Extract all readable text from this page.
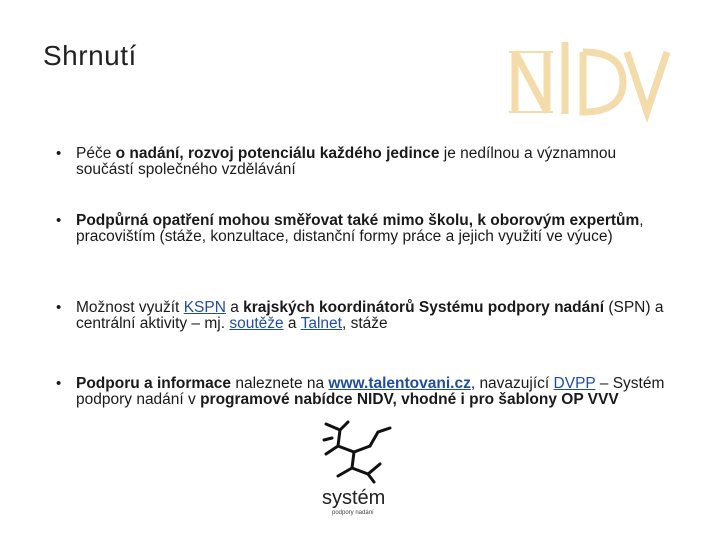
Shrnutí
• Péče o nadání, rozvoj potenciálu každého jedince je nedílnou a významnou součástí společného vzdělávání
• Podpůrná opatření mohou směřovat také mimo školu, k oborovým expertům, pracovištím (stáže, konzultace, distanční formy práce a jejich využití ve výuce)
• Možnost využít KSPN a krajských koordinátorů Systému podpory nadání (SPN) a centrální aktivity – mj. soutěže a Talnet, stáže
• Podporu a informace naleznete na www.talentovani.cz, navazující DVPP – Systém podpory nadání v programové nabídce NIDV, vhodné i pro šablony OP VVV
systém
podpory nadání
